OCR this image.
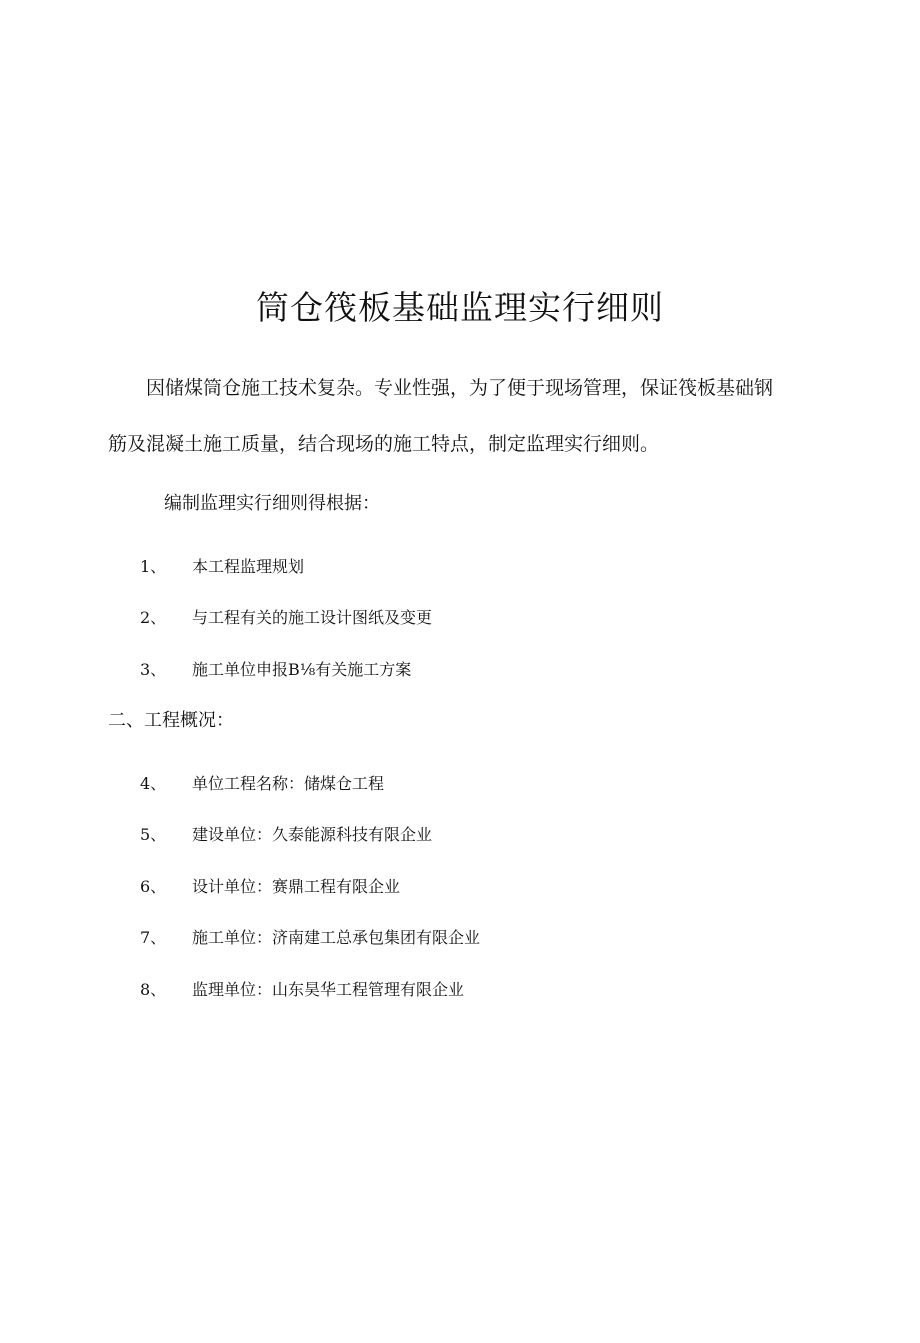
筒仓筏板基础监理实行细则
因储煤筒仓施工技术复杂。专业性强，为了便于现场管理，保证筏板基础钢
筋及混凝土施工质量，结合现场的施工特点，制定监理实行细则。
编制监理实行细则得根据：
1、	本工程监理规划
2、	与工程有关的施工设计图纸及变更
3、	施工单位申报B⅛有关施工方案
二、工程概况：
4、	单位工程名称：储煤仓工程
5、	建设单位：久泰能源科技有限企业
6、	设计单位：赛鼎工程有限企业
7、	施工单位：济南建工总承包集团有限企业
8、	监理单位：山东昊华工程管理有限企业
